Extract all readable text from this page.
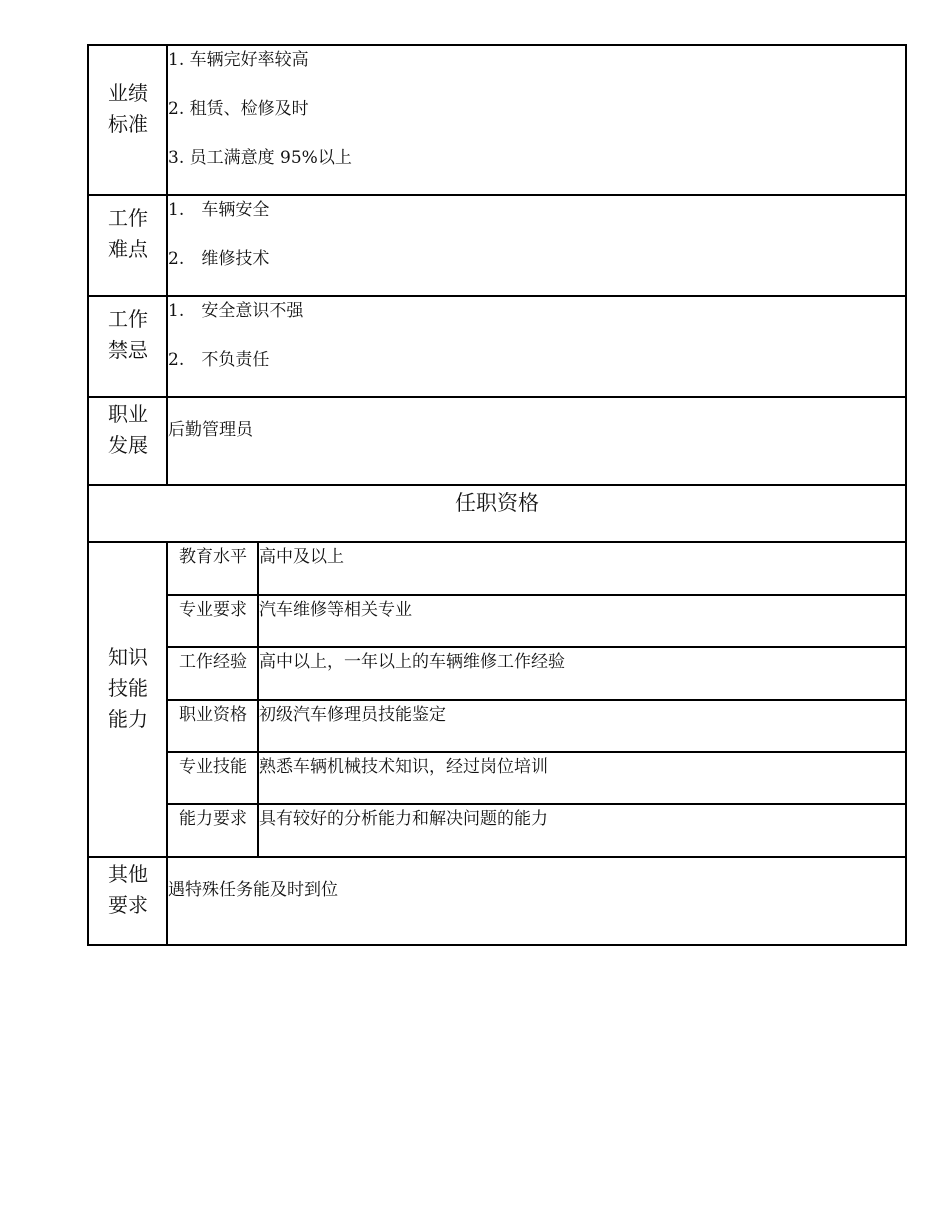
业绩
标准
1. 车辆完好率较高
2. 租赁、检修及时
3. 员工满意度 95%以上
工作
难点
1. 车辆安全
2. 维修技术
工作
禁忌
1. 安全意识不强
2. 不负责任
职业
发展
后勤管理员
任职资格
知识
技能
能力
教育水平 高中及以上
专业要求 汽车维修等相关专业
工作经验 高中以上，一年以上的车辆维修工作经验
职业资格 初级汽车修理员技能鉴定
专业技能 熟悉车辆机械技术知识，经过岗位培训
能力要求 具有较好的分析能力和解决问题的能力
其他
要求
遇特殊任务能及时到位
